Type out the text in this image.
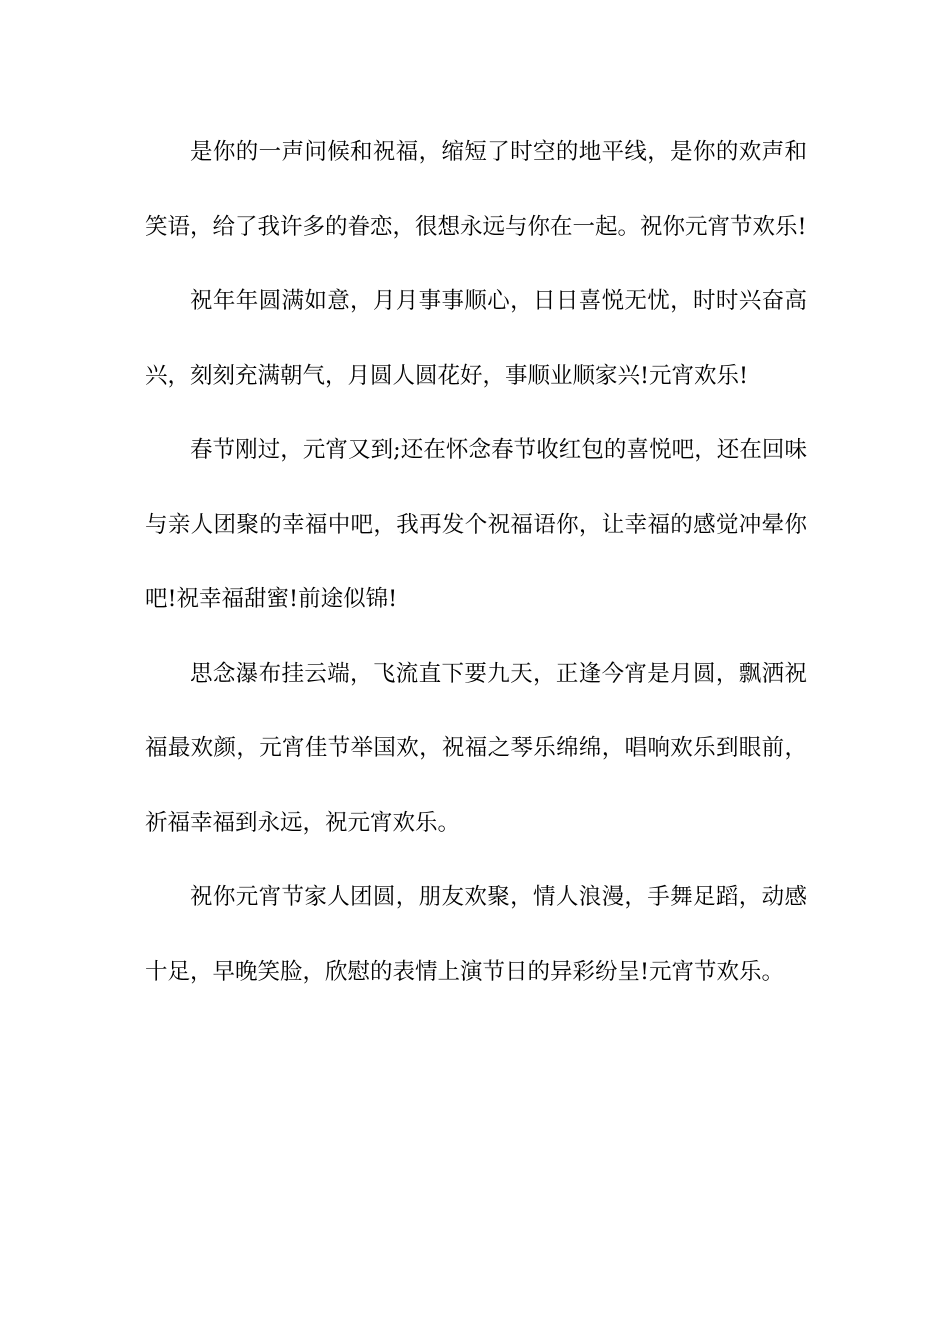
是你的一声问候和祝福，缩短了时空的地平线，是你的欢声和笑语，给了我许多的眷恋，很想永远与你在一起。祝你元宵节欢乐!

祝年年圆满如意，月月事事顺心，日日喜悦无忧，时时兴奋高兴，刻刻充满朝气，月圆人圆花好，事顺业顺家兴!元宵欢乐!

春节刚过，元宵又到;还在怀念春节收红包的喜悦吧，还在回味与亲人团聚的幸福中吧，我再发个祝福语你，让幸福的感觉冲晕你吧!祝幸福甜蜜!前途似锦!

思念瀑布挂云端，飞流直下要九天，正逢今宵是月圆，飘洒祝福最欢颜，元宵佳节举国欢，祝福之琴乐绵绵，唱响欢乐到眼前，祈福幸福到永远，祝元宵欢乐。

祝你元宵节家人团圆，朋友欢聚，情人浪漫，手舞足蹈，动感十足，早晚笑脸，欣慰的表情上演节日的异彩纷呈!元宵节欢乐。
